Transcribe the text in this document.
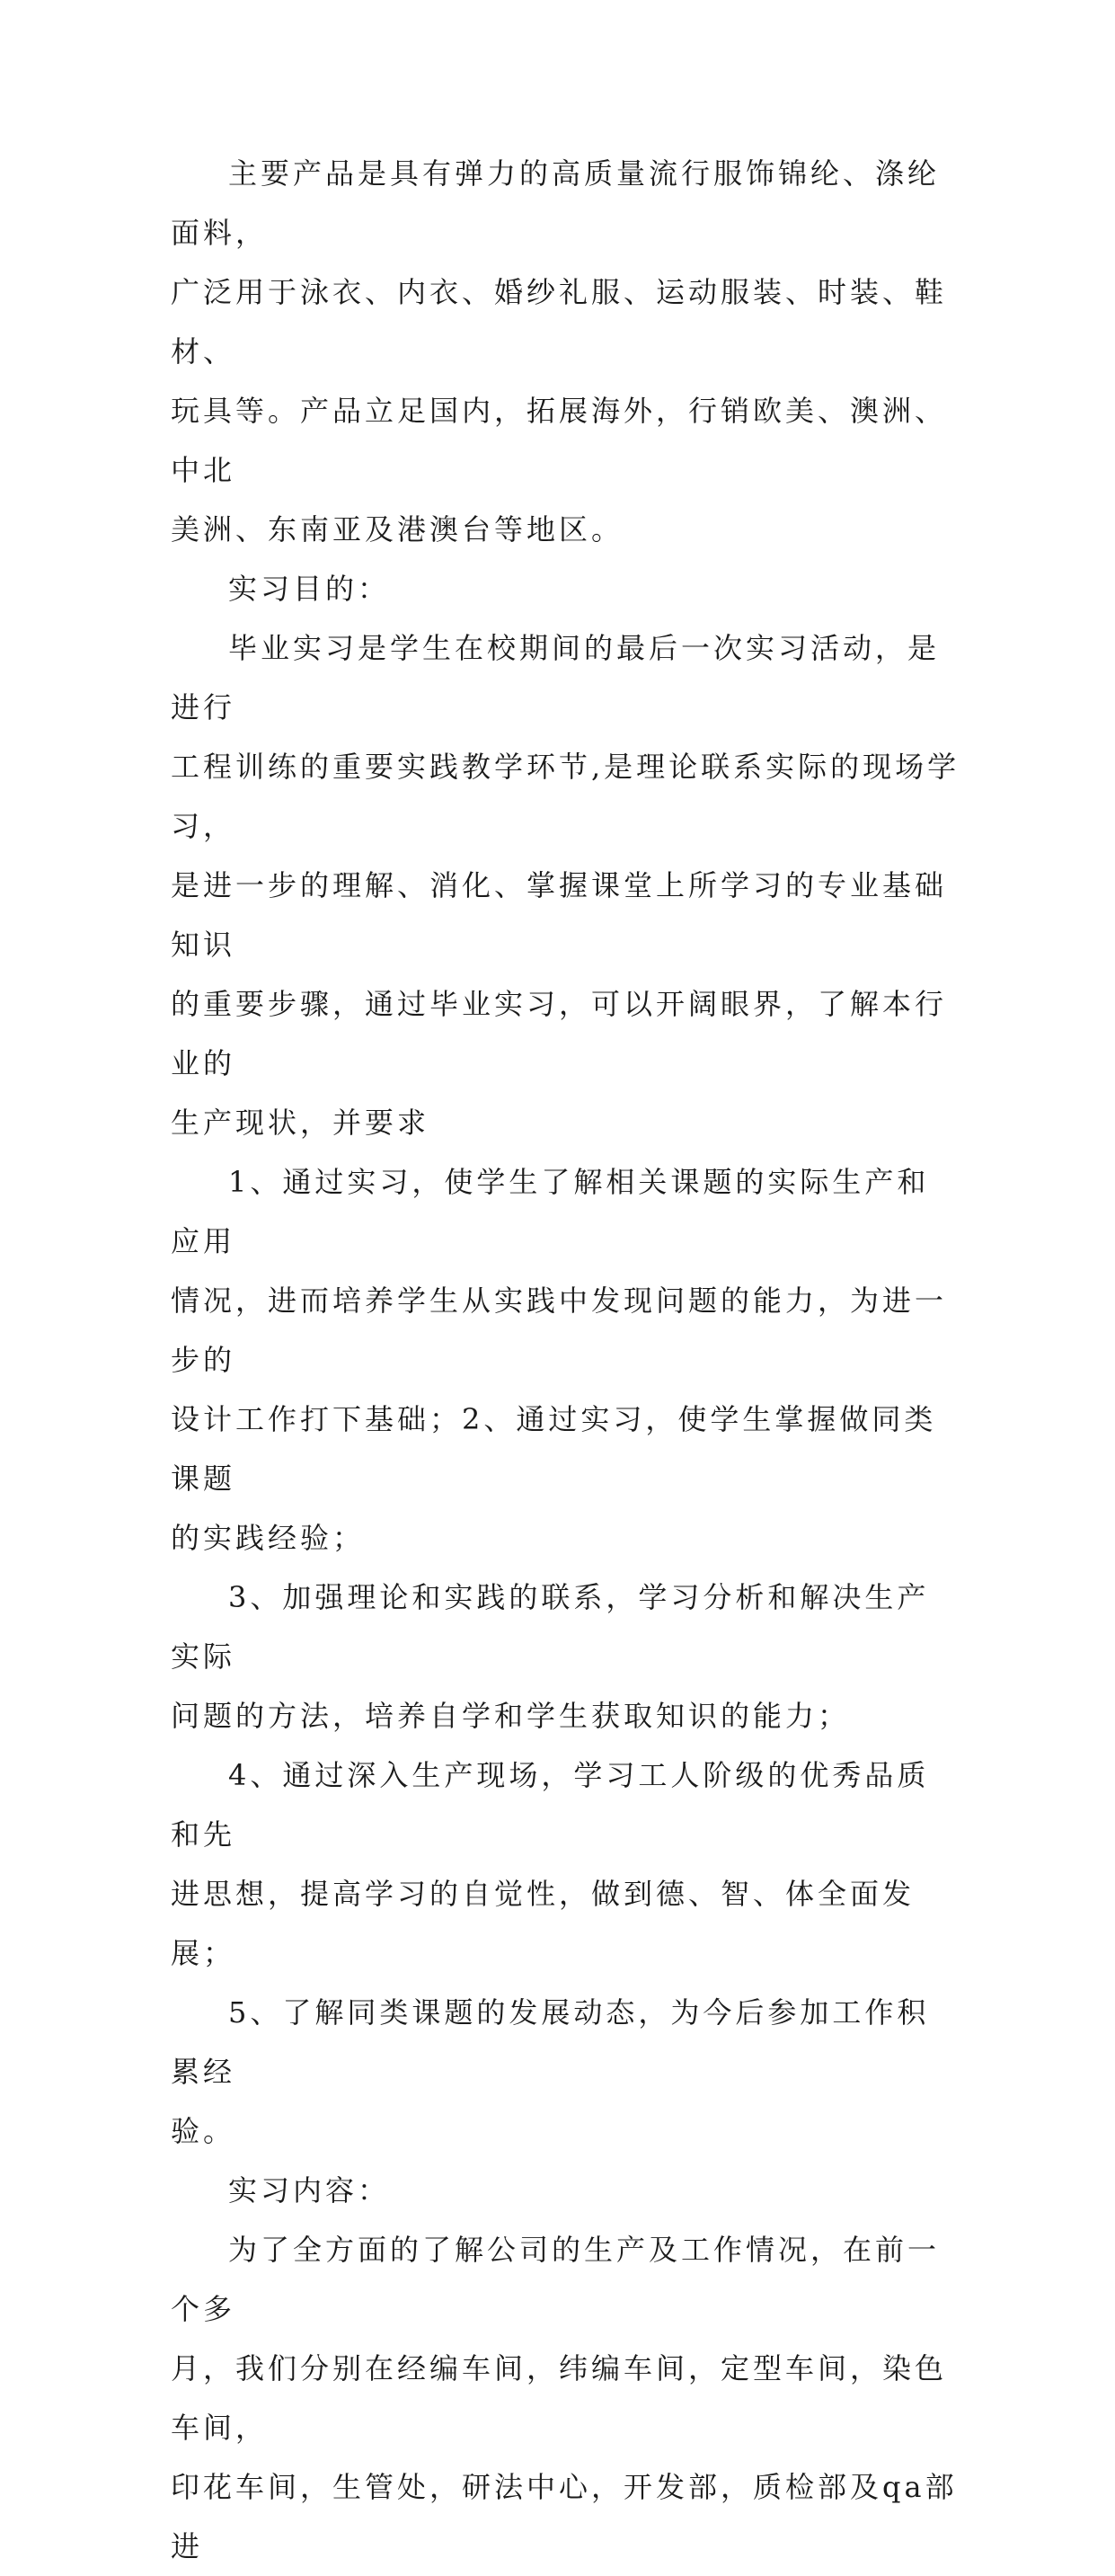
主要产品是具有弹力的高质量流行服饰锦纶、涤纶面料，
广泛用于泳衣、内衣、婚纱礼服、运动服装、时装、鞋材、
玩具等。产品立足国内，拓展海外，行销欧美、澳洲、中北
美洲、东南亚及港澳台等地区。

实习目的：

毕业实习是学生在校期间的最后一次实习活动，是进行
工程训练的重要实践教学环节,是理论联系实际的现场学习，
是进一步的理解、消化、掌握课堂上所学习的专业基础知识
的重要步骤，通过毕业实习，可以开阔眼界，了解本行业的
生产现状，并要求

1、通过实习，使学生了解相关课题的实际生产和应用
情况，进而培养学生从实践中发现问题的能力，为进一步的
设计工作打下基础；2、通过实习，使学生掌握做同类课题
的实践经验；

3、加强理论和实践的联系，学习分析和解决生产实际
问题的方法，培养自学和学生获取知识的能力；

4、通过深入生产现场，学习工人阶级的优秀品质和先
进思想，提高学习的自觉性，做到德、智、体全面发展；

5、了解同类课题的发展动态，为今后参加工作积累经
验。

实习内容：

为了全方面的了解公司的生产及工作情况，在前一个多
月，我们分别在经编车间，纬编车间，定型车间，染色车间，
印花车间，生管处，研法中心，开发部，质检部及qa部进
